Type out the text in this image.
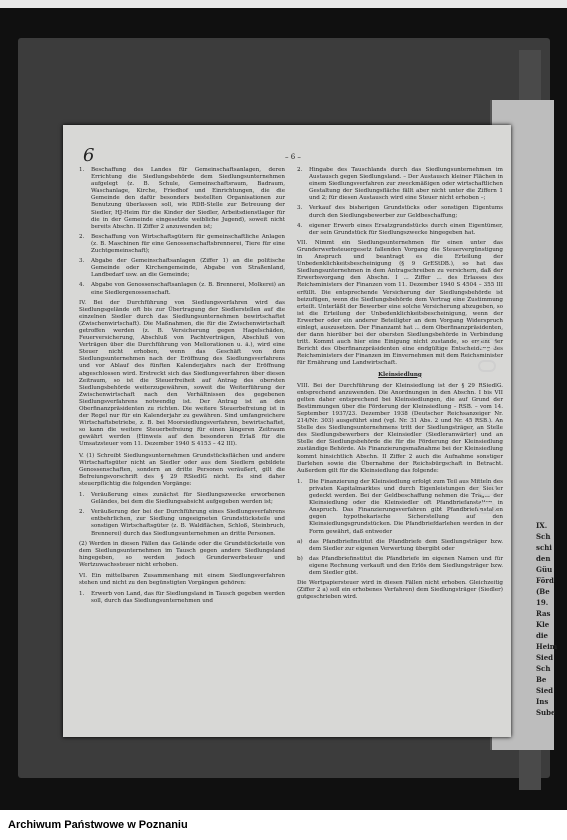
IX.
Sch
schi
den
Güu
Förd
(Be
19.
Ras
Kle
die
Heim
Sied
Sch
Be
Sied
Ins
Sube
6	– 6 –
1.	Beschaffung des Landes für Gemeinschaftsanlagen, deren Errichtung die Siedlungsbehörde dem Siedlungsunternehmen aufgelegt (z. B. Schule, Gemeinschaftsraum, Badraum, Waschanlage, Kirche, Friedhof und Einrichtungen, die die Gemeinde den dafür besonders bestellten Organisationen zur Benutzung überlassen soll, wie RDB-Stelle zur Betreuung der Siedler, HJ-Heim für die Kinder der Siedler, Arbeitsdienstlager für die in der Gemeinde eingesetzte weibliche Jugend), soweit nicht bereits Abschn. II Ziffer 2 anzuwenden ist;
2.	Beschaffung von Wirtschaftsgütern für gemeinschaftliche Anlagen (z. B. Maschinen für eine Genossenschaftsbrennerei, Tiere für eine Zuchtgemeinschaft);
3.	Abgabe der Gemeinschaftsanlagen (Ziffer 1) an die politische Gemeinde oder Kirchengemeinde, Abgabe von Straßenland, Landbedarf usw. an die Gemeinde;
4.	Abgabe von Genossenschaftsanlagen (z. B. Brennerei, Molkerei) an eine Siedlergenossenschaft.

IV. Bei der Durchführung von Siedlungsverfahren wird das Siedlungsgelände oft bis zur Übertragung der Siedlerstellen auf die einzelnen Siedler durch das Siedlungsunternehmen bewirtschaftet (Zwischenwirtschaft). Die Maßnahmen, die für die Zwischenwirtschaft getroffen werden (z. B. Versicherung gegen Hagelschäden, Feuerversicherung, Abschluß von Pachtverträgen, Abschluß von Verträgen über die Durchführung von Meliorationen u. ä.), wird eine Steuer nicht erhoben, wenn das Geschäft von dem Siedlungsunternehmen nach der Eröffnung des Siedlungsverfahrens und vor Ablauf des fünften Kalenderjahrs nach der Eröffnung abgeschlossen wird. Erstreckt sich das Siedlungsverfahren über diesen Zeitraum, so ist die Steuerfreiheit auf Antrag des obersten Siedlungsbehörde weiterzugewähren, soweit die Weiterführung der Zwischenwirtschaft nach den Verhältnissen des gegebenen Siedlungsverfahrens notwendig ist. Der Antrag ist an den Oberfinanzpräsidenten zu richten. Die weitere Steuerbefreiung ist in der Regel nur für ein Kalenderjahr zu gewähren. Sind umfangreichere Wirtschaftsbetriebe, z. B. bei Moorsiedlungsverfahren, bewirtschaftet, so kann die weitere Steuerbefreiung für einen längeren Zeitraum gewährt werden (Hinweis auf den besonderen Erlaß für die Umsatzsteuer vom 11. Dezember 1940 S 4153 – 42 III).

V. (1) Schreibt Siedlungsunternehmen Grundstücksflächen und andere Wirtschaftsgüter nicht an Siedler oder aus dem Siedlern gebildete Genossenschaften, sondern an dritte Personen veräußert, gilt die Befreiungsvorschrift des § 29 RSiedlG nicht. Es sind daher steuerpflichtig die folgenden Vorgänge:

1.	Veräußerung eines zunächst für Siedlungszwecke erworbenen Geländes, bei dem die Siedlungsabsicht aufgegeben werden ist;
2.	Veräußerung der bei der Durchführung eines Siedlungsverfahrens entbehrlichen, zur Siedlung ungeeigneten Grundstücksteile und sonstigen Wirtschaftsgüter (z. B. Waldflächen, Schloß, Steinbruch, Brennerei) durch das Siedlungsunternehmen an dritte Personen.

(2) Werden in diesen Fällen das Gelände oder die Grundstücksteile von dem Siedlungsunternehmen im Tausch gegen andere Siedlungsland hingegeben, so werden jedoch Grunderwerbsteuer und Wertzuwachssteuer nicht erhoben.

VI. Ein mittelbaren Zusammenhang mit einem Siedlungsverfahren stehen und nicht zu den begünstigten Vorgängen gehören:

1.	Erwerb von Land, das für Siedlungsland in Tausch gegeben werden soll, durch das Siedlungsunternehmen und
2.	Hingabe des Tauschlands durch das Siedlungsunternehmen im Austausch gegen Siedlungsland. – Der Austausch kleiner Flächen in einem Siedlungsverfahren zur zweckmäßigen oder wirtschaftlichen Gestaltung der Siedlungsfläche fällt aber nicht unter die Ziffern 1 und 2; für diesen Austausch wird eine Steuer nicht erhoben –;
3.	Verkauf des bisherigen Grundstücks oder sonstigen Eigentums durch den Siedlungsbewerber zur Geldbeschaffung;
4.	eigener Erwerb eines Ersatzgrundstücks durch einen Eigentümer, der sein Grundstück für Siedlungszwecke hingegeben hat.

VII. Nimmt ein Siedlungsunternehmen für einen unter das Grunderwerbsteuergesetz fallenden Vorgang die Steuervergünstigung in Anspruch und beantragt es die Erteilung der Unbedenklichkeitsbescheinigung (§ 9 GrEStDB.), so hat das Siedlungsunternehmen in dem Antragschreiben zu versichern, daß der Erwerbsvorgang den Abschn. I ... Ziffer ... des Erlasses des Reichsministers der Finanzen vom 11. Dezember 1940 S 4504 – 355 III erfüllt. Die entsprechende Versicherung der Siedlungsbehörde ist beizufügen, wenn die Siedlungsbehörde dem Vertrag eine Zustimmung erteilt. Unterläßt der Bewerber eine solche Versicherung abzugeben, so ist die Erteilung der Unbedenklichkeitsbescheinigung, wenn der Erwerber oder ein anderer Beteiligter an dem Vorgang Widerspruch einlegt, auszusetzen. Der Finanzamt hat ... dem Oberfinanzpräsidenten, der dann hierüber bei der obersten Siedlungsbehörde in Verbindung tritt. Kommt auch hier eine Einigung nicht zustande, so ergeht der Bericht des Oberfinanzpräsidenten eine endgültige Entscheidung des Reichsministers der Finanzen im Einvernehmen mit dem Reichsminister für Ernährung und Landwirtschaft.

Kleinsiedlung

VIII. Bei der Durchführung der Kleinsiedlung ist der § 29 RSiedlG. entsprechend anzuwenden. Die Anordnungen in den Abschn. I bis VII gelten daher entsprechend bei Kleinsiedlungen, die auf Grund der Bestimmungen über die Förderung der Kleinsiedlung – RSB. – vom 14. September 1937/23. Dezember 1938 (Deutscher Reichsanzeiger Nr. 214/Nr. 303) ausgeführt sind (vgl. Nr. 31 Abs. 2 und Nr. 45 RSB.). An Stelle des Siedlungsunternehmens tritt der Siedlungsträger, an Stelle des Siedlungsbewerbers der Kleinsiedler (Siedleranwärter) und an Stelle der Siedlungsbehörde die für die Förderung der Kleinsiedlung zuständige Behörde. Als Finanzierungsmaßnahme bei der Kleinsiedlung kommt hinsichtlich Abschn. II Ziffer 2 auch die Aufnahme sonstiger Darlehen sowie die Übernahme der Reichsbürgschaft in Betracht. Außerdem gilt für die Kleinsiedlung das folgende:

1.	Die Finanzierung der Kleinsiedlung erfolgt zum Teil aus Mitteln des privaten Kapitalmarktes und durch Eigenleistungen der Siedler gedeckt werden. Bei der Geldbeschaffung nehmen die Träger der Kleinsiedlung oder die Kleinsiedler oft Pfandbriefanstalten in Anspruch. Das Finanzierungsverfahren gibt Pfandbriefanstalten gegen hypothekarische Sicherstellung auf den Kleinsiedlungsgrundstücken. Die Pfandbriefdarlehen werden in der Form gewährt, daß entweder
a)	das Pfandbriefinstitut die Pfandbriefe dem Siedlungsträger bzw. dem Siedler zur eigenen Verwertung übergibt oder
b)	das Pfandbriefinstitut die Pfandbriefe im eigenen Namen und für eigene Rechnung verkauft und den Erlös dem Siedlungsträger bzw. dem Siedler gibt.

Die Wertpapiersteuer wird in diesen Fällen nicht erhoben. Gleichzeitig (Ziffer 2 a) soll ein erhobenes Verfahren) dem Siedlungsträger (Siedler) gutgeschrieben wird.

Archiwum Państwowe w Poznaniu
